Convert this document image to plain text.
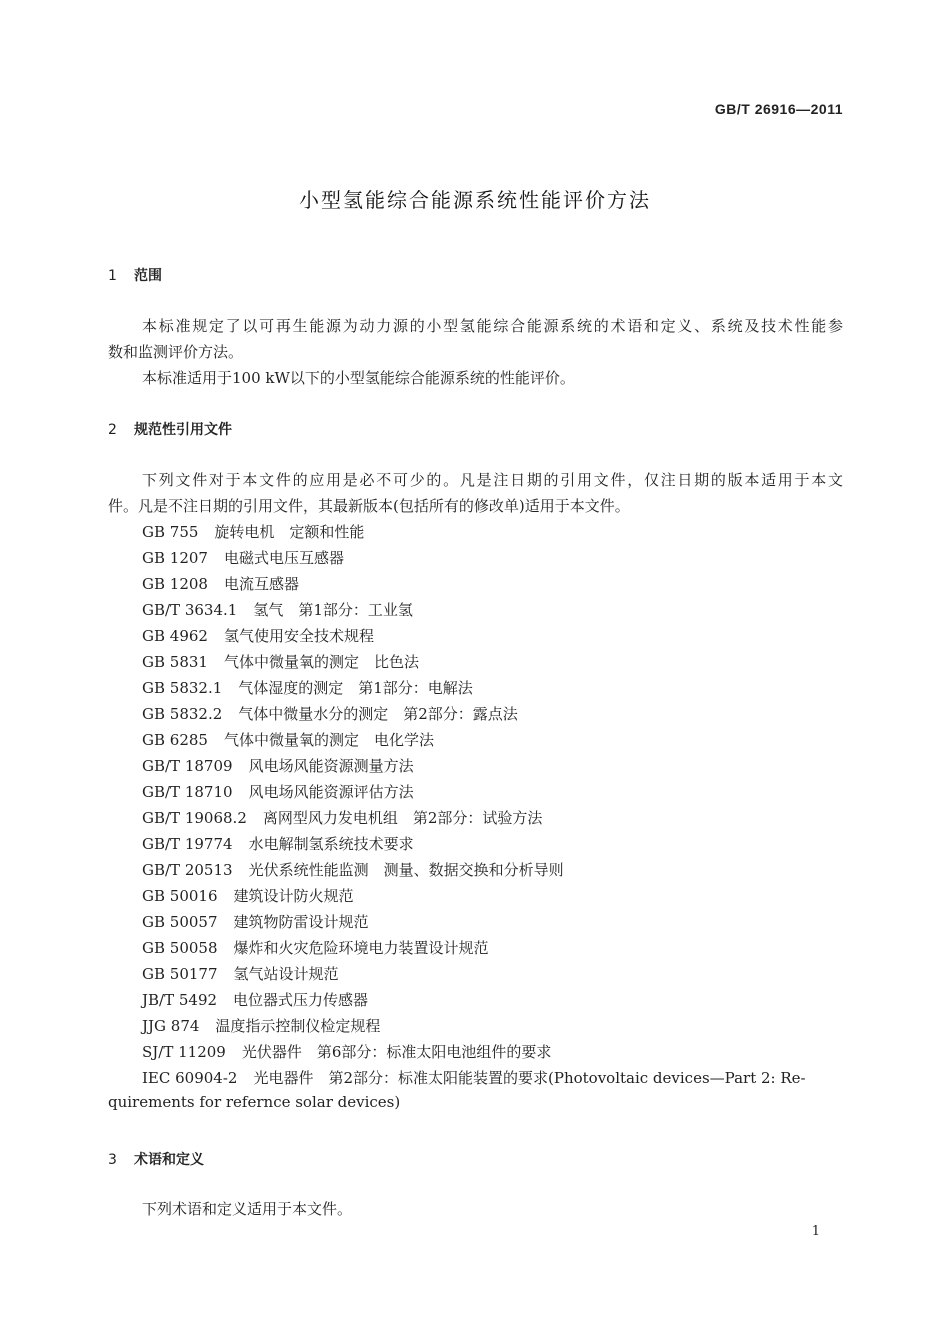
GB/T 26916—2011
小型氢能综合能源系统性能评价方法
1 范围
本标准规定了以可再生能源为动力源的小型氢能综合能源系统的术语和定义、系统及技术性能参
数和监测评价方法。
本标准适用于100 kW以下的小型氢能综合能源系统的性能评价。
2 规范性引用文件
下列文件对于本文件的应用是必不可少的。凡是注日期的引用文件，仅注日期的版本适用于本文
件。凡是不注日期的引用文件，其最新版本(包括所有的修改单)适用于本文件。
GB 755 旋转电机　定额和性能
GB 1207 电磁式电压互感器
GB 1208 电流互感器
GB/T 3634.1 氢气　第1部分：工业氢
GB 4962 氢气使用安全技术规程
GB 5831 气体中微量氧的测定　比色法
GB 5832.1 气体湿度的测定　第1部分：电解法
GB 5832.2 气体中微量水分的测定　第2部分：露点法
GB 6285 气体中微量氧的测定　电化学法
GB/T 18709 风电场风能资源测量方法
GB/T 18710 风电场风能资源评估方法
GB/T 19068.2 离网型风力发电机组　第2部分：试验方法
GB/T 19774 水电解制氢系统技术要求
GB/T 20513 光伏系统性能监测　测量、数据交换和分析导则
GB 50016 建筑设计防火规范
GB 50057 建筑物防雷设计规范
GB 50058 爆炸和火灾危险环境电力装置设计规范
GB 50177 氢气站设计规范
JB/T 5492 电位器式压力传感器
JJG 874 温度指示控制仪检定规程
SJ/T 11209 光伏器件　第6部分：标准太阳电池组件的要求
IEC 60904-2 光电器件　第2部分：标准太阳能装置的要求(Photovoltaic devices—Part 2: Re-
quirements for refernce solar devices)
3 术语和定义
下列术语和定义适用于本文件。
1
